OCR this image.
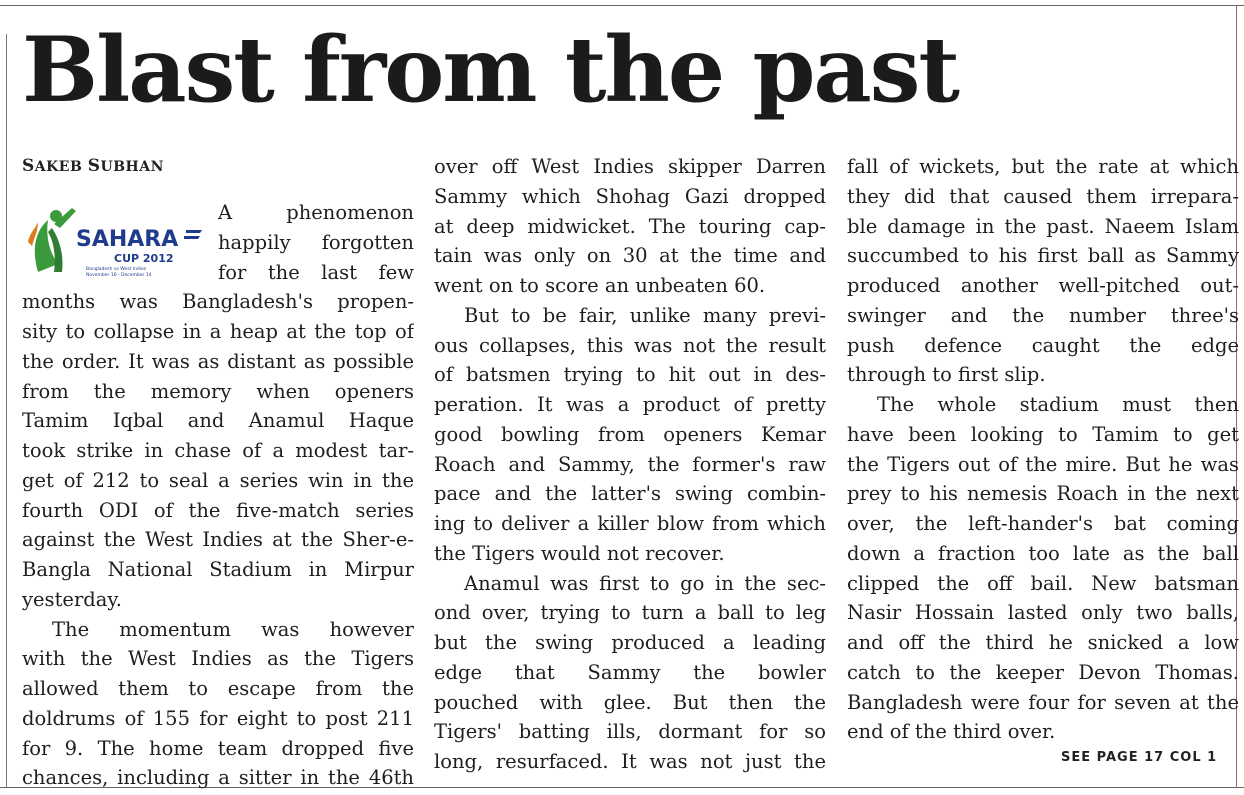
Blast from the past
SAKEB SUBHAN
SAHARA
CUP 2012
Bangladesh vs West Indies
November 16 - December 14
A phenomenon
happily forgotten
for the last few
months was Bangladesh's propen-
sity to collapse in a heap at the top of
the order. It was as distant as possible
from the memory when openers
Tamim Iqbal and Anamul Haque
took strike in chase of a modest tar-
get of 212 to seal a series win in the
fourth ODI of the five-match series
against the West Indies at the Sher-e-
Bangla National Stadium in Mirpur
yesterday.
The momentum was however
with the West Indies as the Tigers
allowed them to escape from the
doldrums of 155 for eight to post 211
for 9. The home team dropped five
chances, including a sitter in the 46th
over off West Indies skipper Darren
Sammy which Shohag Gazi dropped
at deep midwicket. The touring cap-
tain was only on 30 at the time and
went on to score an unbeaten 60.
But to be fair, unlike many previ-
ous collapses, this was not the result
of batsmen trying to hit out in des-
peration. It was a product of pretty
good bowling from openers Kemar
Roach and Sammy, the former's raw
pace and the latter's swing combin-
ing to deliver a killer blow from which
the Tigers would not recover.
Anamul was first to go in the sec-
ond over, trying to turn a ball to leg
but the swing produced a leading
edge that Sammy the bowler
pouched with glee. But then the
Tigers' batting ills, dormant for so
long, resurfaced. It was not just the
fall of wickets, but the rate at which
they did that caused them irrepara-
ble damage in the past. Naeem Islam
succumbed to his first ball as Sammy
produced another well-pitched out-
swinger and the number three's
push defence caught the edge
through to first slip.
The whole stadium must then
have been looking to Tamim to get
the Tigers out of the mire. But he was
prey to his nemesis Roach in the next
over, the left-hander's bat coming
down a fraction too late as the ball
clipped the off bail. New batsman
Nasir Hossain lasted only two balls,
and off the third he snicked a low
catch to the keeper Devon Thomas.
Bangladesh were four for seven at the
end of the third over.
SEE PAGE 17 COL 1
